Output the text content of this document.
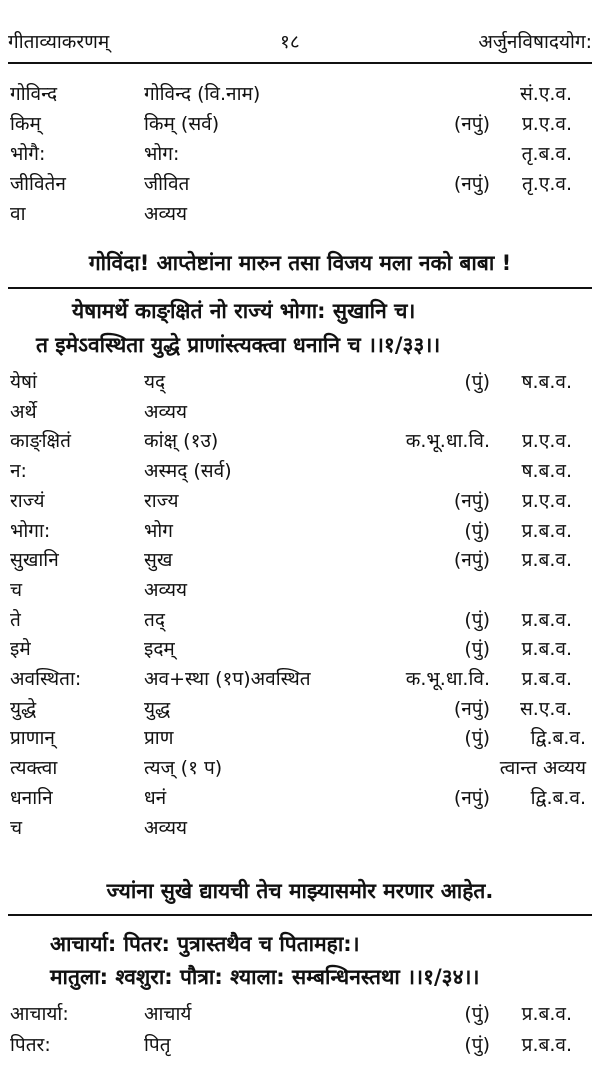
गीताव्याकरणम्	१८	अर्जुनविषादयोग:
गोविन्द	गोविन्द (वि.नाम)	सं.ए.व.
किम्	किम् (सर्व)	(नपुं) प्र.ए.व.
भोगै:	भोग:	तृ.ब.व.
जीवितेन	जीवित	(नपुं) तृ.ए.व.
वा	अव्यय
गोविंदा! आप्तेष्टांना मारुन तसा विजय मला नको बाबा !
येषामर्थे काङ्क्षितं नो राज्यं भोगा: सुखानि च।
त इमेऽवस्थिता युद्धे प्राणांस्त्यक्त्वा धनानि च ।।१/३३।।
येषां	यद्	(पुं) ष.ब.व.
अर्थे	अव्यय
काङ्क्षितं	कांक्ष् (१उ)	क.भू.धा.वि. प्र.ए.व.
न:	अस्मद् (सर्व)	ष.ब.व.
राज्यं	राज्य	(नपुं) प्र.ए.व.
भोगा:	भोग	(पुं) प्र.ब.व.
सुखानि	सुख	(नपुं) प्र.ब.व.
च	अव्यय
ते	तद्	(पुं) प्र.ब.व.
इमे	इदम्	(पुं) प्र.ब.व.
अवस्थिता:	अव+स्था (१प)अवस्थित	क.भू.धा.वि. प्र.ब.व.
युद्धे	युद्ध	(नपुं) स.ए.व.
प्राणान्	प्राण	(पुं) द्वि.ब.व.
त्यक्त्वा	त्यज् (१ प)	त्वान्त अव्यय
धनानि	धनं	(नपुं) द्वि.ब.व.
च	अव्यय
ज्यांना सुखे द्यायची तेच माझ्यासमोर मरणार आहेत.
आचार्या: पितर: पुत्रास्तथैव च पितामहा:।
मातुला: श्वशुरा: पौत्रा: श्याला: सम्बन्धिनस्तथा ।।१/३४।।
आचार्या:	आचार्य	(पुं) प्र.ब.व.
पितर:	पितृ	(पुं) प्र.ब.व.
